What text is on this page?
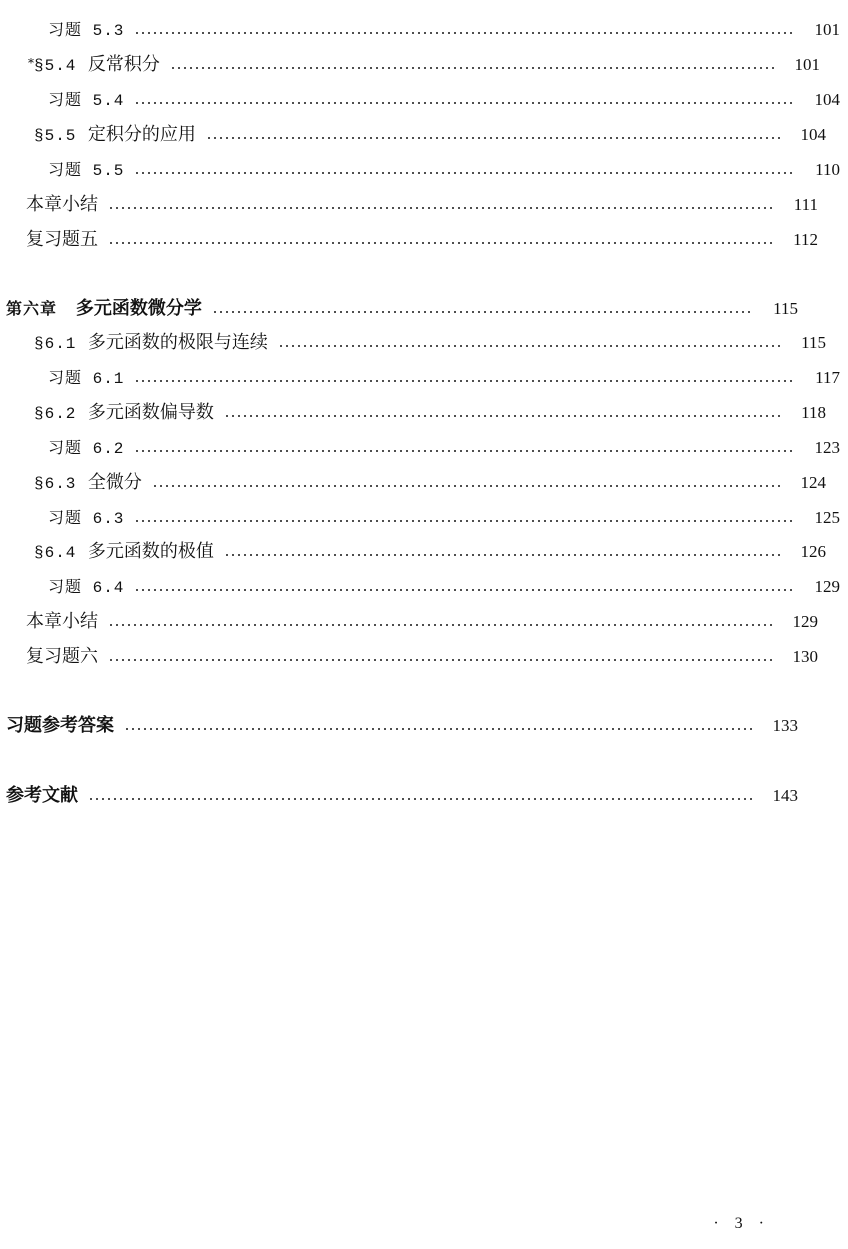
习题 5.3	101
*§5.4  反常积分	101
习题 5.4	104
§5.5  定积分的应用	104
习题 5.5	110
本章小结	111
复习题五	112
第六章   多元函数微分学	115
§6.1  多元函数的极限与连续	115
习题 6.1	117
§6.2  多元函数偏导数	118
习题 6.2	123
§6.3  全微分	124
习题 6.3	125
§6.4  多元函数的极值	126
习题 6.4	129
本章小结	129
复习题六	130
习题参考答案	133
参考文献	143
· 3 ·
